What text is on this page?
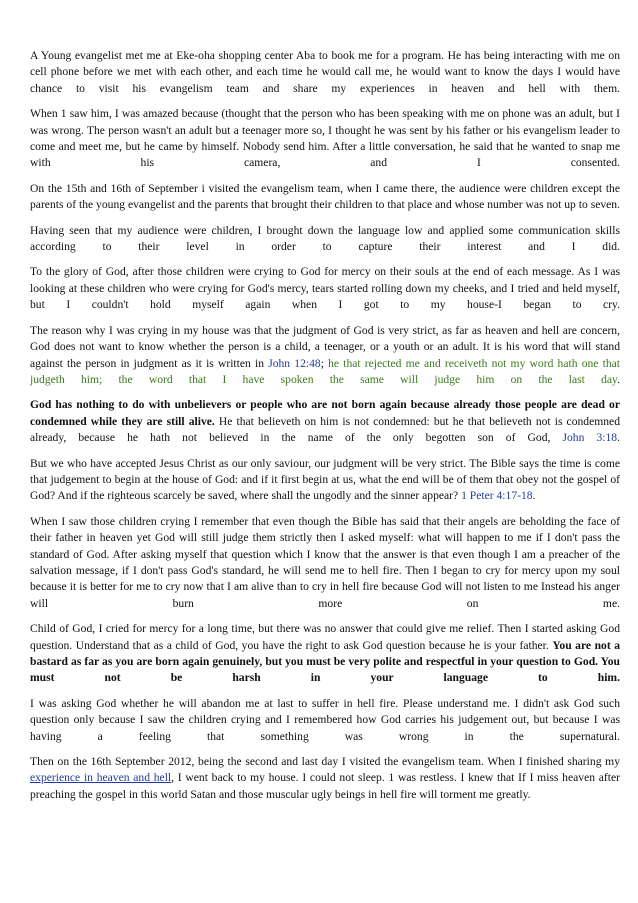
A Young evangelist met me at Eke-oha shopping center Aba to book me for a program. He has being interacting with me on cell phone before we met with each other, and each time he would call me, he would want to know the days I would have chance to visit his evangelism team and share my experiences in heaven and hell with them.

When 1 saw him, I was amazed because (thought that the person who has been speaking with me on phone was an adult, but I was wrong. The person wasn't an adult but a teenager more so, I thought he was sent by his father or his evangelism leader to come and meet me, but he came by himself. Nobody send him. After a little conversation, he said that he wanted to snap me with his camera, and I consented.

On the 15th and 16th of September i visited the evangelism team, when I came there, the audience were children except the parents of the young evangelist and the parents that brought their children to that place and whose number was not up to seven.

Having seen that my audience were children, I brought down the language low and applied some communication skills according to their level in order to capture their interest and I did.

To the glory of God, after those children were crying to God for mercy on their souls at the end of each message. As I was looking at these children who were crying for God's mercy, tears started rolling down my cheeks, and I tried and held myself, but I couldn't hold myself again when I got to my house-I began to cry.

The reason why I was crying in my house was that the judgment of God is very strict, as far as heaven and hell are concern, God does not want to know whether the person is a child, a teenager, or a youth or an adult. It is his word that will stand against the person in judgment as it is written in John 12:48; he that rejected me and receiveth not my word hath one that judgeth him; the word that I have spoken the same will judge him on the last day.

God has nothing to do with unbelievers or people who are not born again because already those people are dead or condemned while they are still alive. He that believeth on him is not condemned: but he that believeth not is condemned already, because he hath not believed in the name of the only begotten son of God, John 3:18.

But we who have accepted Jesus Christ as our only saviour, our judgment will be very strict. The Bible says the time is come that judgement to begin at the house of God: and if it first begin at us, what the end will be of them that obey not the gospel of God? And if the righteous scarcely be saved, where shall the ungodly and the sinner appear? 1 Peter 4:17-18.

When I saw those children crying I remember that even though the Bible has said that their angels are beholding the face of their father in heaven yet God will still judge them strictly then I asked myself: what will happen to me if I don't pass the standard of God. After asking myself that question which I know that the answer is that even though I am a preacher of the salvation message, if I don't pass God's standard, he will send me to hell fire. Then I began to cry for mercy upon my soul because it is better for me to cry now that I am alive than to cry in hell fire because God will not listen to me Instead his anger will burn more on me.

Child of God, I cried for mercy for a long time, but there was no answer that could give me relief. Then I started asking God question. Understand that as a child of God, you have the right to ask God question because he is your father. You are not a bastard as far as you are born again genuinely, but you must be very polite and respectful in your question to God. You must not be harsh in your language to him.

I was asking God whether he will abandon me at last to suffer in hell fire. Please understand me. I didn't ask God such question only because I saw the children crying and I remembered how God carries his judgement out, but because I was having a feeling that something was wrong in the supernatural.

Then on the 16th September 2012, being the second and last day I visited the evangelism team. When I finished sharing my experience in heaven and hell, I went back to my house. I could not sleep. 1 was restless. I knew that If I miss heaven after preaching the gospel in this world Satan and those muscular ugly beings in hell fire will torment me greatly.
